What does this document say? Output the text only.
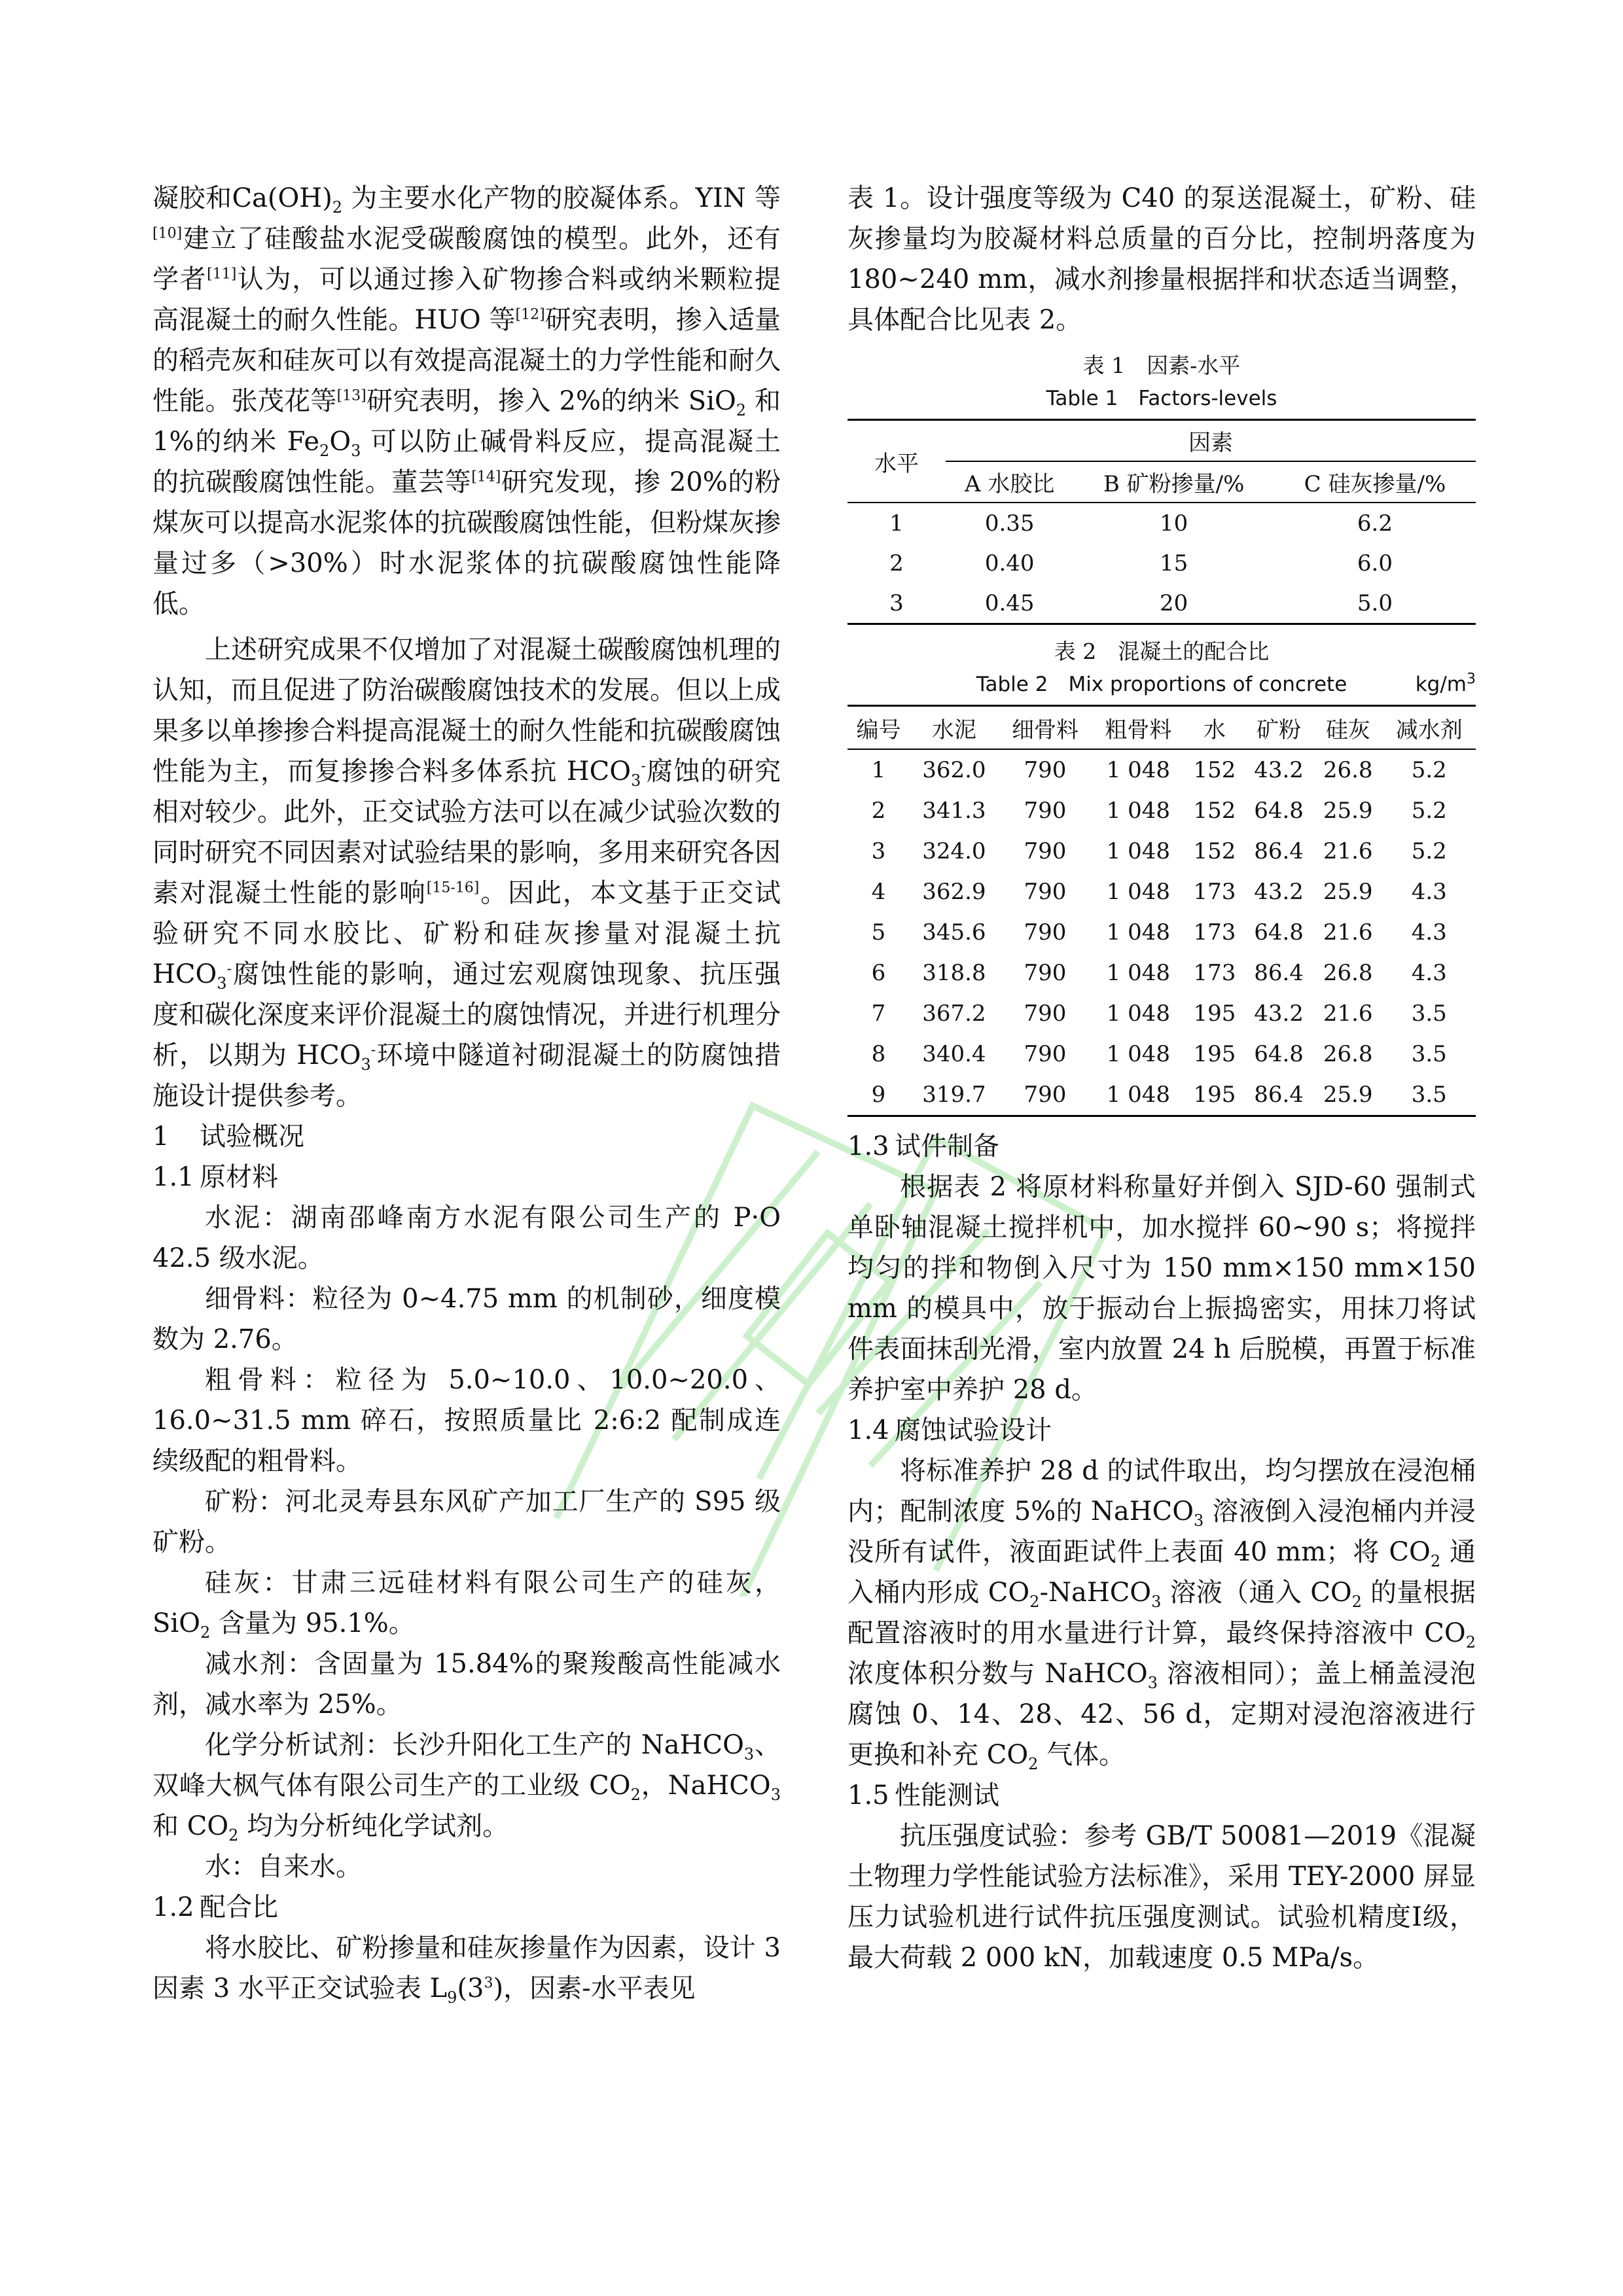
凝胶和$Ca(OH)_2$ 为主要水化产物的胶凝体系。YIN 等[10]建立了硅酸盐水泥受碳酸腐蚀的模型。此外，还有学者[11]认为，可以通过掺入矿物掺合料或纳米颗粒提高混凝土的耐久性能。HUO 等[12]研究表明，掺入适量的稻壳灰和硅灰可以有效提高混凝土的力学性能和耐久性能。张茂花等[13]研究表明，掺入 2%的纳米 SiO$_2$ 和 1%的纳米 $Fe_2O_3$ 可以防止碱骨料反应，提高混凝土的抗碳酸腐蚀性能。董芸等[14]研究发现，掺 20%的粉煤灰可以提高水泥浆体的抗碳酸腐蚀性能，但粉煤灰掺量过多（>30%）时水泥浆体的抗碳酸腐蚀性能降低。

上述研究成果不仅增加了对混凝土碳酸腐蚀机理的认知，而且促进了防治碳酸腐蚀技术的发展。但以上成果多以单掺掺合料提高混凝土的耐久性能和抗碳酸腐蚀性能为主，而复掺掺合料多体系抗 $HCO_3^-$腐蚀的研究相对较少。此外，正交试验方法可以在减少试验次数的同时研究不同因素对试验结果的影响，多用来研究各因素对混凝土性能的影响[15-16]。因此，本文基于正交试验研究不同水胶比、矿粉和硅灰掺量对混凝土抗 $HCO_3^-$腐蚀性能的影响，通过宏观腐蚀现象、抗压强度和碳化深度来评价混凝土的腐蚀情况，并进行机理分析，以期为 $HCO_3^-$环境中隧道衬砌混凝土的防腐蚀措施设计提供参考。

1 试验概况

1.1 原材料

水泥：湖南邵峰南方水泥有限公司生产的 P·O 42.5 级水泥。

细骨料：粒径为 0~4.75 mm 的机制砂，细度模数为 2.76。

粗骨料：粒径为 5.0~10.0、10.0~20.0、16.0~31.5 mm 碎石，按照质量比 2:6:2 配制成连续级配的粗骨料。

矿粉：河北灵寿县东风矿产加工厂生产的 S95 级矿粉。

硅灰：甘肃三远硅材料有限公司生产的硅灰，SiO$_2$ 含量为 95.1%。

减水剂：含固量为 15.84%的聚羧酸高性能减水剂，减水率为 25%。

化学分析试剂：长沙升阳化工生产的 NaHCO$_3$、双峰大枫气体有限公司生产的工业级 $CO_2$，NaHCO$_3$ 和 $CO_2$ 均为分析纯化学试剂。

水：自来水。

1.2 配合比

将水胶比、矿粉掺量和硅灰掺量作为因素，设计 3 因素 3 水平正交试验表 $L_9(3^3)$，因素-水平表见

表 1。设计强度等级为 C40 的泵送混凝土，矿粉、硅灰掺量均为胶凝材料总质量的百分比，控制坍落度为 180~240 mm，减水剂掺量根据拌和状态适当调整，具体配合比见表 2。

表 1　因素-水平

Table 1　Factors-levels

水平	因素		
	A 水胶比	B 矿粉掺量/%	C 硅灰掺量/%
1	0.35	10	6.2
2	0.40	15	6.0
3	0.45	20	5.0

表 2　混凝土的配合比

Table 2　Mix proportions of concrete	$kg/m^3$
编号	水泥	细骨料	粗骨料	水	矿粉	硅灰	减水剂
1	362.0	790	1 048	152	43.2	26.8	5.2
2	341.3	790	1 048	152	64.8	25.9	5.2
3	324.0	790	1 048	152	86.4	21.6	5.2
4	362.9	790	1 048	173	43.2	25.9	4.3
5	345.6	790	1 048	173	64.8	21.6	4.3
6	318.8	790	1 048	173	86.4	26.8	4.3
7	367.2	790	1 048	195	43.2	21.6	3.5
8	340.4	790	1 048	195	64.8	26.8	3.5
9	319.7	790	1 048	195	86.4	25.9	3.5

1.3 试件制备

根据表 2 将原材料称量好并倒入 SJD-60 强制式单卧轴混凝土搅拌机中，加水搅拌 60~90 s；将搅拌均匀的拌和物倒入尺寸为 150 mm×150 mm×150 mm 的模具中，放于振动台上振捣密实，用抹刀将试件表面抹刮光滑，室内放置 24 h 后脱模，再置于标准养护室中养护 28 d。

1.4 腐蚀试验设计

将标准养护 28 d 的试件取出，均匀摆放在浸泡桶内；配制浓度 5%的 NaHCO$_3$ 溶液倒入浸泡桶内并浸没所有试件，液面距试件上表面 40 mm；将 $CO_2$ 通入桶内形成 $CO_2-NaHCO_3$ 溶液（通入 $CO_2$ 的量根据配置溶液时的用水量进行计算，最终保持溶液中 $CO_2$ 浓度体积分数与 NaHCO$_3$ 溶液相同）；盖上桶盖浸泡腐蚀 0、14、28、42、56 d，定期对浸泡溶液进行更换和补充 $CO_2$ 气体。

1.5 性能测试

抗压强度试验：参考 GB/T 50081—2019《混凝土物理力学性能试验方法标准》，采用 TEY-2000 屏显压力试验机进行试件抗压强度测试。试验机精度Ⅰ级，最大荷载 2 000 kN，加载速度 0.5 MPa/s。
